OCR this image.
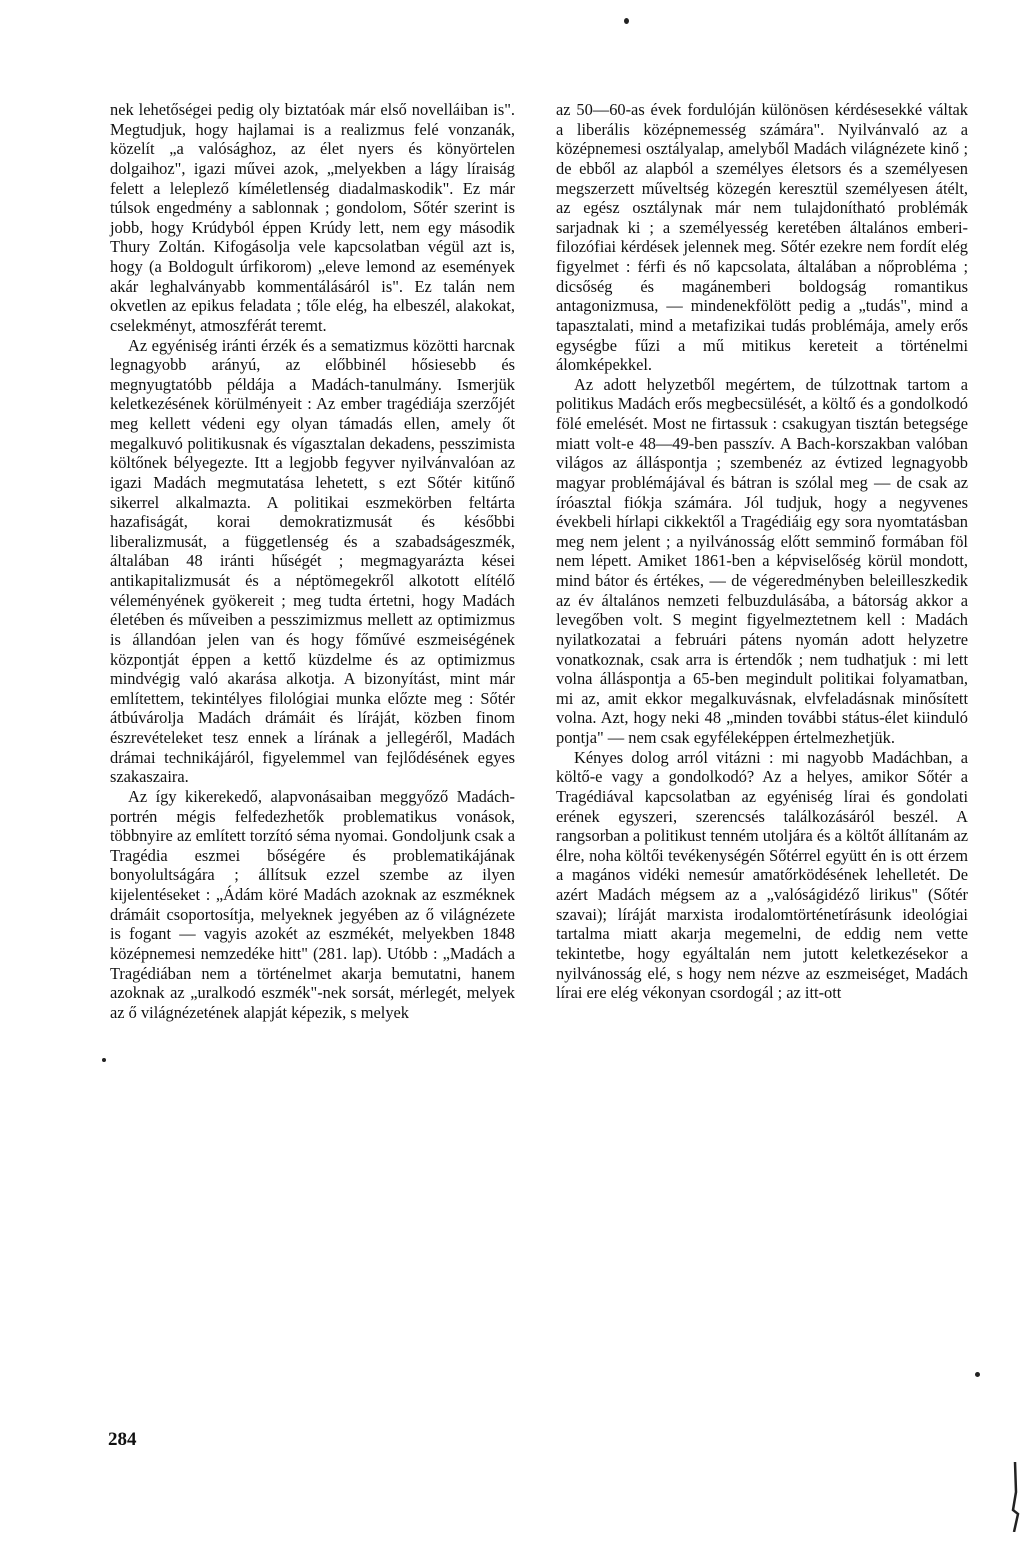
nek lehetőségei pedig oly biztatóak már első novelláiban is". Megtudjuk, hogy hajlamai is a realizmus felé vonzanák, közelít „a valósághoz, az élet nyers és könyörtelen dolgaihoz", igazi művei azok, „melyekben a lágy líraiság felett a leleplező kíméletlenség diadalmaskodik". Ez már túlsok engedmény a sablonnak ; gondolom, Sőtér szerint is jobb, hogy Krúdyból éppen Krúdy lett, nem egy második Thury Zoltán. Kifogásolja vele kapcsolatban végül azt is, hogy (a Boldogult úrfikorom) „eleve lemond az események akár leghalványabb kommentálásáról is". Ez talán nem okvetlen az epikus feladata ; tőle elég, ha elbeszél, alakokat, cselekményt, atmoszférát teremt.

Az egyéniség iránti érzék és a sematizmus közötti harcnak legnagyobb arányú, az előbbinél hősiesebb és megnyugtatóbb példája a Madách-tanulmány. Ismerjük keletkezésének körülményeit : Az ember tragédiája szerzőjét meg kellett védeni egy olyan támadás ellen, amely őt megalkuvó politikusnak és vígasztalan dekadens, pesszimista költőnek bélyegezte. Itt a legjobb fegyver nyilvánvalóan az igazi Madách megmutatása lehetett, s ezt Sőtér kitűnő sikerrel alkalmazta. A politikai eszmekörben feltárta hazafiságát, korai demokratizmusát és későbbi liberalizmusát, a függetlenség és a szabadságeszmék, általában 48 iránti hűségét ; megmagyarázta kései antikapitalizmusát és a néptömegekről alkotott elítélő véleményének gyökereit ; meg tudta értetni, hogy Madách életében és műveiben a pesszimizmus mellett az optimizmus is állandóan jelen van és hogy főművé eszmeiségének központját éppen a kettő küzdelme és az optimizmus mindvégig való akarása alkotja. A bizonyítást, mint már említettem, tekintélyes filológiai munka előzte meg : Sőtér átbúvárolja Madách drámáit és líráját, közben finom észrevételeket tesz ennek a lírának a jellegéről, Madách drámai technikájáról, figyelemmel van fejlődésének egyes szakaszaira.

Az így kikerekedő, alapvonásaiban meggyőző Madách-portrén mégis felfedezhetők problematikus vonások, többnyire az említett torzító séma nyomai. Gondoljunk csak a Tragédia eszmei bőségére és problematikájának bonyolultságára ; állítsuk ezzel szembe az ilyen kijelentéseket : „Ádám köré Madách azoknak az eszméknek drámáit csoportosítja, melyeknek jegyében az ő világnézete is fogant — vagyis azokét az eszmékét, melyekben 1848 középnemesi nemzedéke hitt" (281. lap). Utóbb : „Madách a Tragédiában nem a történelmet akarja bemutatni, hanem azoknak az „uralkodó eszmék"-nek sorsát, mérlegét, melyek az ő világnézetének alapját képezik, s melyek

az 50—60-as évek fordulóján különösen kérdésesekké váltak a liberális középnemesség számára". Nyilvánvaló az a középnemesi osztályalap, amelyből Madách világnézete kinő ; de ebből az alapból a személyes életsors és a személyesen megszerzett műveltség közegén keresztül személyesen átélt, az egész osztálynak már nem tulajdonítható problémák sarjadnak ki ; a személyesség keretében általános emberi-filozófiai kérdések jelennek meg. Sőtér ezekre nem fordít elég figyelmet : férfi és nő kapcsolata, általában a nőprobléma ; dicsőség és magánemberi boldogság romantikus antagonizmusa, — mindenekfölött pedig a „tudás", mind a tapasztalati, mind a metafizikai tudás problémája, amely erős egységbe fűzi a mű mitikus kereteit a történelmi álomképekkel.

Az adott helyzetből megértem, de túlzottnak tartom a politikus Madách erős megbecsülését, a költő és a gondolkodó fölé emelését. Most ne firtassuk : csakugyan tisztán betegsége miatt volt-e 48—49-ben passzív. A Bach-korszakban valóban világos az álláspontja ; szembenéz az évtized legnagyobb magyar problémájával és bátran is szólal meg — de csak az íróasztal fiókja számára. Jól tudjuk, hogy a negyvenes évekbeli hírlapi cikkektől a Tragédiáig egy sora nyomtatásban meg nem jelent ; a nyilvánosság előtt semminő formában föl nem lépett. Amiket 1861-ben a képviselőség körül mondott, mind bátor és értékes, — de végeredményben beleilleszkedik az év általános nemzeti felbuzdulásába, a bátorság akkor a levegőben volt. S megint figyelmeztetnem kell : Madách nyilatkozatai a februári pátens nyomán adott helyzetre vonatkoznak, csak arra is értendők ; nem tudhatjuk : mi lett volna álláspontja a 65-ben megindult politikai folyamatban, mi az, amit ekkor megalkuvásnak, elvfeladásnak minősített volna. Azt, hogy neki 48 „minden további státus-élet kiinduló pontja" — nem csak egyféleképpen értelmezhetjük.

Kényes dolog arról vitázni : mi nagyobb Madáchban, a költő-e vagy a gondolkodó? Az a helyes, amikor Sőtér a Tragédiával kapcsolatban az egyéniség lírai és gondolati erének egyszeri, szerencsés találkozásáról beszél. A rangsorban a politikust tenném utoljára és a költőt állítanám az élre, noha költői tevékenységén Sőtérrel együtt én is ott érzem a magános vidéki nemesúr amatőrködésének lehelletét. De azért Madách mégsem az a „valóságidéző lirikus" (Sőtér szavai); líráját marxista irodalomtörténetírásunk ideológiai tartalma miatt akarja megemelni, de eddig nem vette tekintetbe, hogy egyáltalán nem jutott keletkezésekor a nyilvánosság elé, s hogy nem nézve az eszmeiséget, Madách lírai ere elég vékonyan csordogál ; az itt-ott

284
